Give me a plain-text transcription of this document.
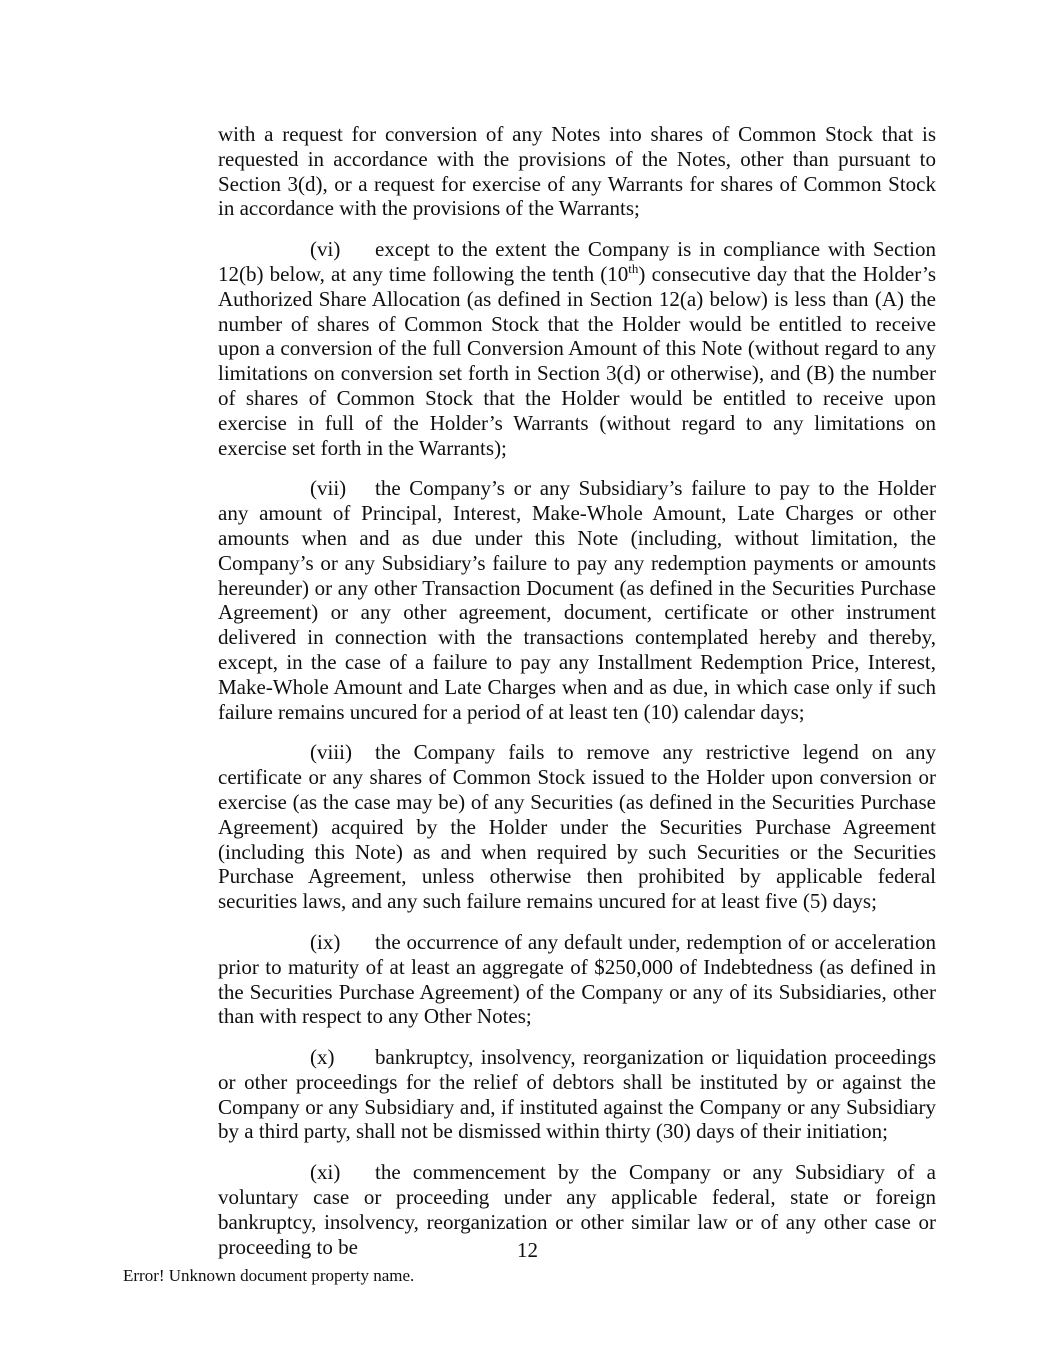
with a request for conversion of any Notes into shares of Common Stock that is requested in accordance with the provisions of the Notes, other than pursuant to Section 3(d), or a request for exercise of any Warrants for shares of Common Stock in accordance with the provisions of the Warrants;

(vi) except to the extent the Company is in compliance with Section 12(b) below, at any time following the tenth (10th) consecutive day that the Holder’s Authorized Share Allocation (as defined in Section 12(a) below) is less than (A) the number of shares of Common Stock that the Holder would be entitled to receive upon a conversion of the full Conversion Amount of this Note (without regard to any limitations on conversion set forth in Section 3(d) or otherwise), and (B) the number of shares of Common Stock that the Holder would be entitled to receive upon exercise in full of the Holder’s Warrants (without regard to any limitations on exercise set forth in the Warrants);

(vii) the Company’s or any Subsidiary’s failure to pay to the Holder any amount of Principal, Interest, Make-Whole Amount, Late Charges or other amounts when and as due under this Note (including, without limitation, the Company’s or any Subsidiary’s failure to pay any redemption payments or amounts hereunder) or any other Transaction Document (as defined in the Securities Purchase Agreement) or any other agreement, document, certificate or other instrument delivered in connection with the transactions contemplated hereby and thereby, except, in the case of a failure to pay any Installment Redemption Price, Interest, Make-Whole Amount and Late Charges when and as due, in which case only if such failure remains uncured for a period of at least ten (10) calendar days;

(viii) the Company fails to remove any restrictive legend on any certificate or any shares of Common Stock issued to the Holder upon conversion or exercise (as the case may be) of any Securities (as defined in the Securities Purchase Agreement) acquired by the Holder under the Securities Purchase Agreement (including this Note) as and when required by such Securities or the Securities Purchase Agreement, unless otherwise then prohibited by applicable federal securities laws, and any such failure remains uncured for at least five (5) days;

(ix) the occurrence of any default under, redemption of or acceleration prior to maturity of at least an aggregate of $250,000 of Indebtedness (as defined in the Securities Purchase Agreement) of the Company or any of its Subsidiaries, other than with respect to any Other Notes;

(x) bankruptcy, insolvency, reorganization or liquidation proceedings or other proceedings for the relief of debtors shall be instituted by or against the Company or any Subsidiary and, if instituted against the Company or any Subsidiary by a third party, shall not be dismissed within thirty (30) days of their initiation;

(xi) the commencement by the Company or any Subsidiary of a voluntary case or proceeding under any applicable federal, state or foreign bankruptcy, insolvency, reorganization or other similar law or of any other case or proceeding to be	12
Error! Unknown document property name.
